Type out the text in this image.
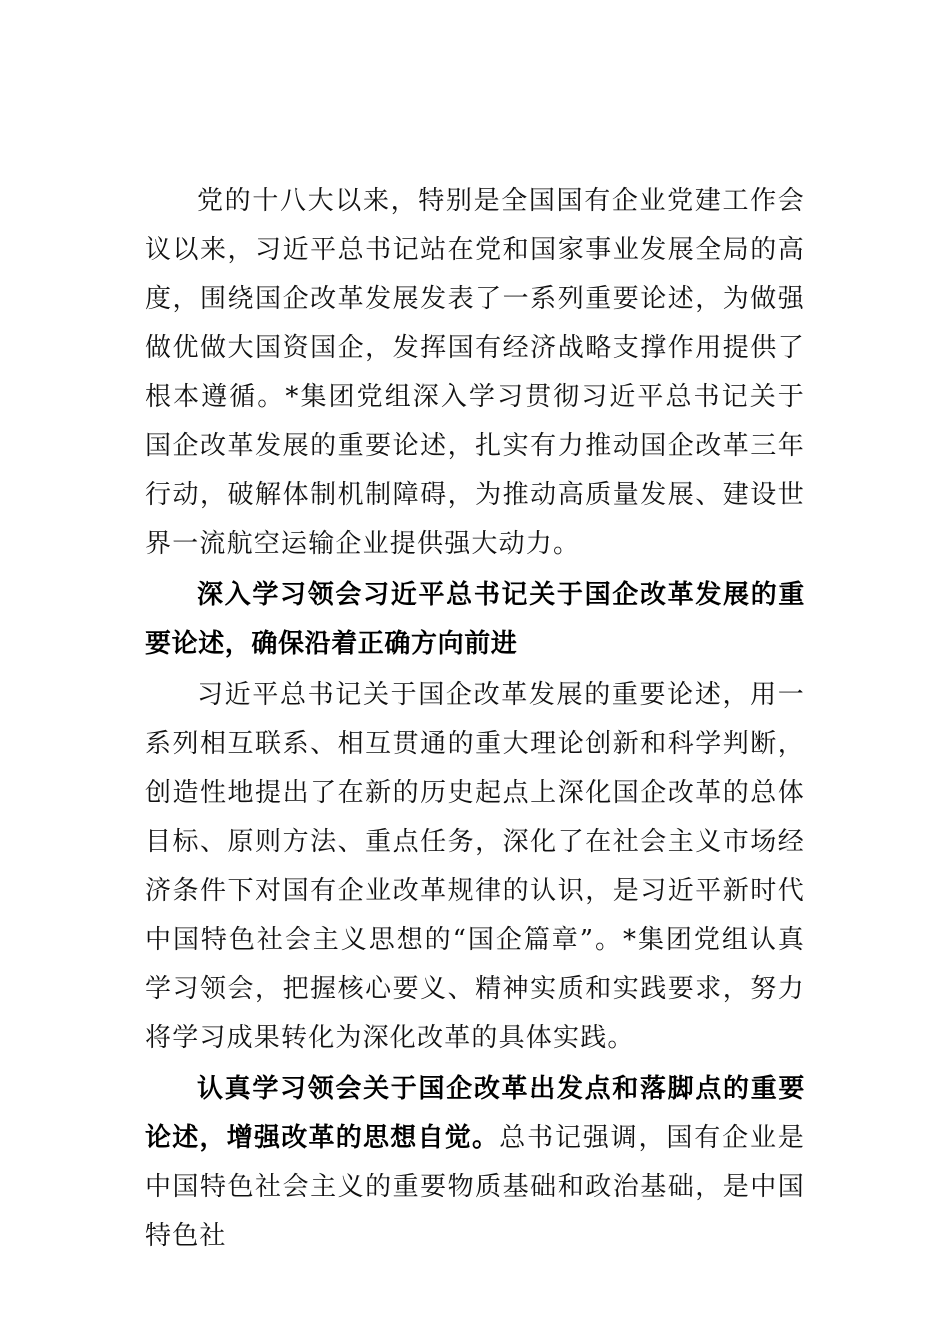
党的十八大以来，特别是全国国有企业党建工作会议以来，习近平总书记站在党和国家事业发展全局的高度，围绕国企改革发展发表了一系列重要论述，为做强做优做大国资国企，发挥国有经济战略支撑作用提供了根本遵循。*集团党组深入学习贯彻习近平总书记关于国企改革发展的重要论述，扎实有力推动国企改革三年行动，破解体制机制障碍，为推动高质量发展、建设世界一流航空运输企业提供强大动力。

深入学习领会习近平总书记关于国企改革发展的重要论述，确保沿着正确方向前进

习近平总书记关于国企改革发展的重要论述，用一系列相互联系、相互贯通的重大理论创新和科学判断，创造性地提出了在新的历史起点上深化国企改革的总体目标、原则方法、重点任务，深化了在社会主义市场经济条件下对国有企业改革规律的认识，是习近平新时代中国特色社会主义思想的“国企篇章”。*集团党组认真学习领会，把握核心要义、精神实质和实践要求，努力将学习成果转化为深化改革的具体实践。

认真学习领会关于国企改革出发点和落脚点的重要论述，增强改革的思想自觉。总书记强调，国有企业是中国特色社会主义的重要物质基础和政治基础，是中国特色社
